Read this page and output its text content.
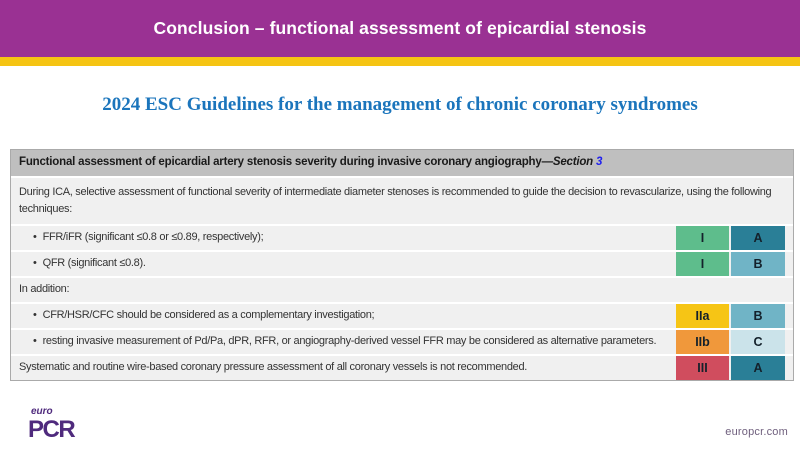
Conclusion – functional assessment of epicardial stenosis
2024 ESC Guidelines for the management of chronic coronary syndromes
Functional assessment of epicardial artery stenosis severity during invasive coronary angiography— Section 3
During ICA, selective assessment of functional severity of intermediate diameter stenoses is recommended to guide the decision to revascularize, using the following techniques:
• FFR/iFR (significant ≤0.8 or ≤0.89, respectively);	I	A
• QFR (significant ≤0.8).	I	B
In addition:
• CFR/HSR/CFC should be considered as a complementary investigation;	IIa	B
• resting invasive measurement of Pd/Pa, dPR, RFR, or angiography-derived vessel FFR may be considered as alternative parameters.	IIb	C
Systematic and routine wire-based coronary pressure assessment of all coronary vessels is not recommended.	III	A
euro
PCR	europcr.com
